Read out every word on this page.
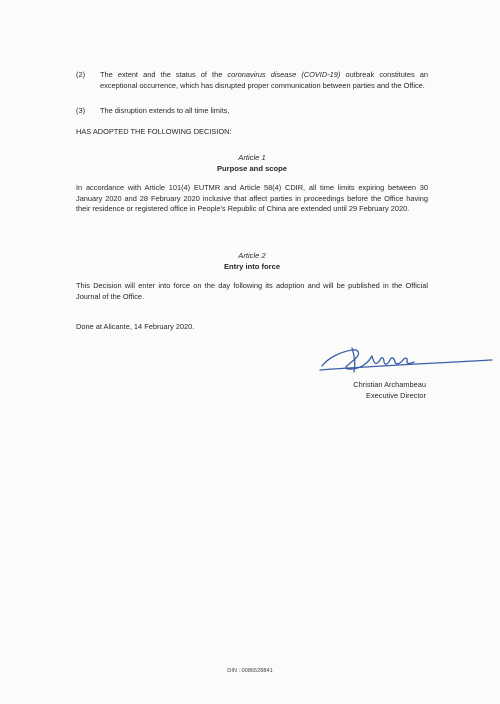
(2) The extent and the status of the coronavirus disease (COVID-19) outbreak constitutes an exceptional occurrence, which has disrupted proper communication between parties and the Office.
(3) The disruption extends to all time limits,
HAS ADOPTED THE FOLLOWING DECISION:
Article 1
Purpose and scope
In accordance with Article 101(4) EUTMR and Article 58(4) CDIR, all time limits expiring between 30 January 2020 and 28 February 2020 inclusive that affect parties in proceedings before the Office having their residence or registered office in People's Republic of China are extended until 29 February 2020.
Article 2
Entry into force
This Decision will enter into force on the day following its adoption and will be published in the Official Journal of the Office.
Done at Alicante, 14 February 2020.
Christian Archambeau
Executive Director
DIN : 0086528841
